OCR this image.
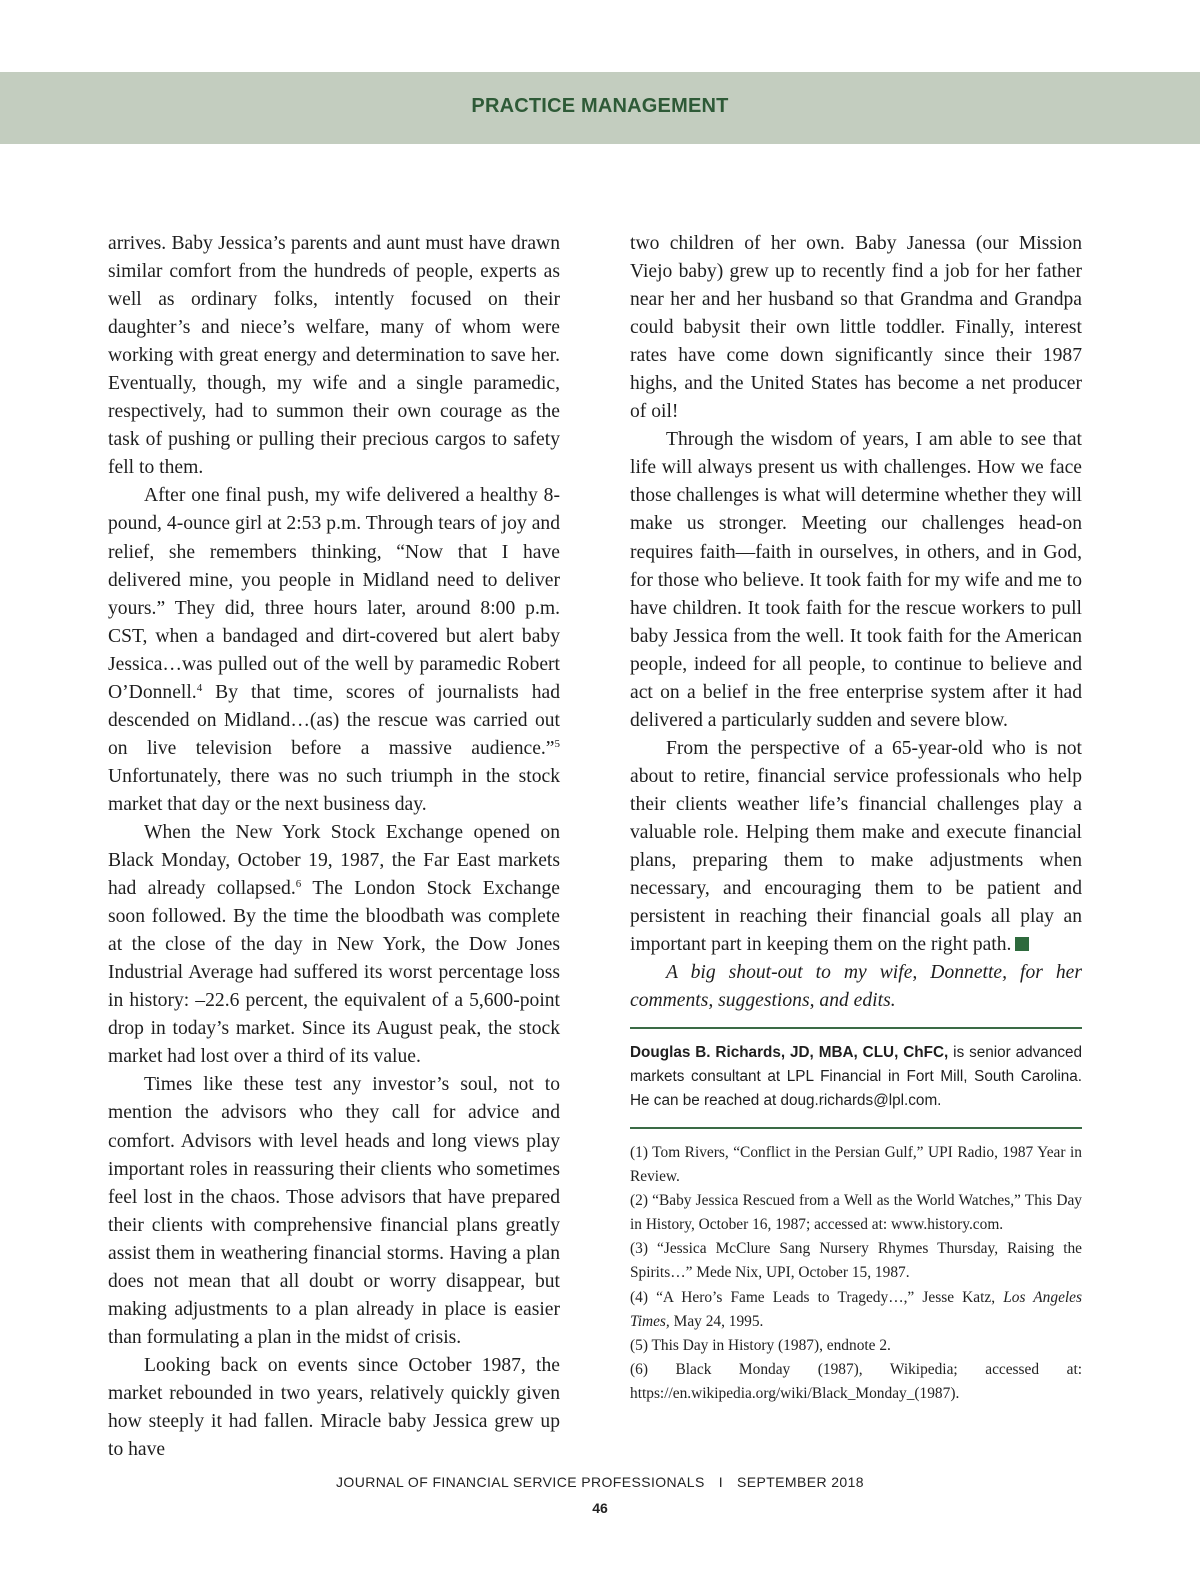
PRACTICE MANAGEMENT

arrives. Baby Jessica’s parents and aunt must have drawn similar comfort from the hundreds of people, experts as well as ordinary folks, intently focused on their daughter’s and niece’s welfare, many of whom were working with great energy and determination to save her. Eventually, though, my wife and a single paramedic, respectively, had to summon their own courage as the task of pushing or pulling their precious cargos to safety fell to them.

After one final push, my wife delivered a healthy 8-pound, 4-ounce girl at 2:53 p.m. Through tears of joy and relief, she remembers thinking, “Now that I have delivered mine, you people in Midland need to deliver yours.” They did, three hours later, around 8:00 p.m. CST, when a bandaged and dirt-covered but alert baby Jessica…was pulled out of the well by paramedic Robert O’Donnell.$^4$ By that time, scores of journalists had descended on Midland…(as) the rescue was carried out on live television before a massive audience.”$^5$ Unfortunately, there was no such triumph in the stock market that day or the next business day.

When the New York Stock Exchange opened on Black Monday, October 19, 1987, the Far East markets had already collapsed.$^6$ The London Stock Exchange soon followed. By the time the bloodbath was complete at the close of the day in New York, the Dow Jones Industrial Average had suffered its worst percentage loss in history: –22.6 percent, the equivalent of a 5,600-point drop in today’s market. Since its August peak, the stock market had lost over a third of its value.

Times like these test any investor’s soul, not to mention the advisors who they call for advice and comfort. Advisors with level heads and long views play important roles in reassuring their clients who sometimes feel lost in the chaos. Those advisors that have prepared their clients with comprehensive financial plans greatly assist them in weathering financial storms. Having a plan does not mean that all doubt or worry disappear, but making adjustments to a plan already in place is easier than formulating a plan in the midst of crisis.

Looking back on events since October 1987, the market rebounded in two years, relatively quickly given how steeply it had fallen. Miracle baby Jessica grew up to have

two children of her own. Baby Janessa (our Mission Viejo baby) grew up to recently find a job for her father near her and her husband so that Grandma and Grandpa could babysit their own little toddler. Finally, interest rates have come down significantly since their 1987 highs, and the United States has become a net producer of oil!

Through the wisdom of years, I am able to see that life will always present us with challenges. How we face those challenges is what will determine whether they will make us stronger. Meeting our challenges head-on requires faith—faith in ourselves, in others, and in God, for those who believe. It took faith for my wife and me to have children. It took faith for the rescue workers to pull baby Jessica from the well. It took faith for the American people, indeed for all people, to continue to believe and act on a belief in the free enterprise system after it had delivered a particularly sudden and severe blow.

From the perspective of a 65-year-old who is not about to retire, financial service professionals who help their clients weather life’s financial challenges play a valuable role. Helping them make and execute financial plans, preparing them to make adjustments when necessary, and encouraging them to be patient and persistent in reaching their financial goals all play an important part in keeping them on the right path.

A big shout-out to my wife, Donnette, for her comments, suggestions, and edits.

Douglas B. Richards, JD, MBA, CLU, ChFC, is senior advanced markets consultant at LPL Financial in Fort Mill, South Carolina. He can be reached at doug.richards@lpl.com.
(1) Tom Rivers, “Conflict in the Persian Gulf,” UPI Radio, 1987 Year in Review.
(2) “Baby Jessica Rescued from a Well as the World Watches,” This Day in History, October 16, 1987; accessed at: www.history.com.
(3) “Jessica McClure Sang Nursery Rhymes Thursday, Raising the Spirits…” Mede Nix, UPI, October 15, 1987.
(4) “A Hero’s Fame Leads to Tragedy…,” Jesse Katz, Los Angeles Times, May 24, 1995.
(5) This Day in History (1987), endnote 2.
(6) Black Monday (1987), Wikipedia; accessed at: https://en.wikipedia.org/wiki/Black_Monday_(1987).
JOURNAL OF FINANCIAL SERVICE PROFESSIONALS I SEPTEMBER 2018
46
